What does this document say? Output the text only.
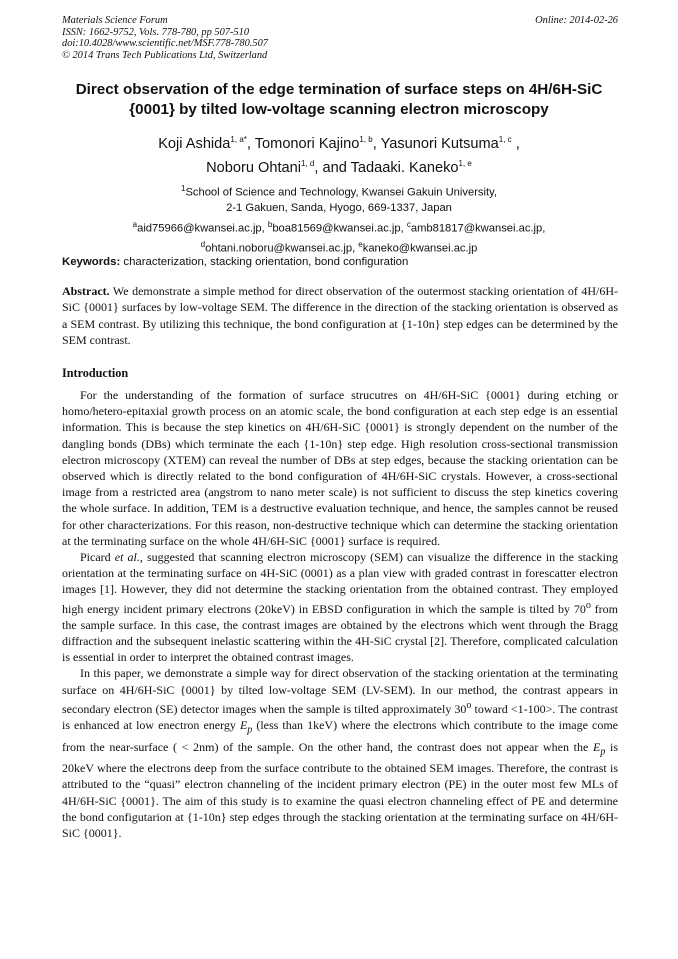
Materials Science Forum
ISSN: 1662-9752, Vols. 778-780, pp 507-510
doi:10.4028/www.scientific.net/MSF.778-780.507
© 2014 Trans Tech Publications Ltd, Switzerland
Online: 2014-02-26
Direct observation of the edge termination of surface steps on 4H/6H-SiC
{0001} by tilted low-voltage scanning electron microscopy
Koji Ashida$^{1, a*}$, Tomonori Kajino$^{1, b}$, Yasunori Kutsuma$^{1, c}$ ,
Noboru Ohtani$^{1, d}$, and Tadaaki. Kaneko$^{1, e}$
$^1$School of Science and Technology, Kwansei Gakuin University,
2-1 Gakuen, Sanda, Hyogo, 669-1337, Japan
$^a$aid75966@kwansei.ac.jp, $^b$boa81569@kwansei.ac.jp, $^c$amb81817@kwansei.ac.jp,
$^d$ohtani.noboru@kwansei.ac.jp, $^e$kaneko@kwansei.ac.jp
Keywords: characterization, stacking orientation, bond configuration
Abstract. We demonstrate a simple method for direct observation of the outermost stacking orientation of 4H/6H-SiC {0001} surfaces by low-voltage SEM. The difference in the direction of the stacking orientation is observed as a SEM contrast. By utilizing this technique, the bond configuration at {1-10n} step edges can be determined by the SEM contrast.
Introduction

For the understanding of the formation of surface strucutres on 4H/6H-SiC {0001} during etching or homo/hetero-epitaxial growth process on an atomic scale, the bond configuration at each step edge is an essential information. This is because the step kinetics on 4H/6H-SiC {0001} is strongly dependent on the number of the dangling bonds (DBs) which terminate the each {1-10n} step edge. High resolution cross-sectional transmission electron microscopy (XTEM) can reveal the number of DBs at step edges, because the stacking orientation can be observed which is directly related to the bond configuration of 4H/6H-SiC crystals. However, a cross-sectional image from a restricted area (angstrom to nano meter scale) is not sufficient to discuss the step kinetics covering the whole surface. In addition, TEM is a destructive evaluation technique, and hence, the samples cannot be reused for other characterizations. For this reason, non-destructive technique which can determine the stacking orientation at the terminating surface on the whole 4H/6H-SiC {0001} surface is required.

Picard et al., suggested that scanning electron microscopy (SEM) can visualize the difference in the stacking orientation at the terminating surface on 4H-SiC (0001) as a plan view with graded contrast in forescatter electron images [1]. However, they did not determine the stacking orientation from the obtained contrast. They employed high energy incident primary electrons (20keV) in EBSD configuration in which the sample is tilted by 70$^o$ from the sample surface. In this case, the contrast images are obtained by the electrons which went through the Bragg diffraction and the subsequent inelastic scattering within the 4H-SiC crystal [2]. Therefore, complicated calculation is essential in order to interpret the obtained contrast images.

In this paper, we demonstrate a simple way for direct observation of the stacking orientation at the terminating surface on 4H/6H-SiC {0001} by tilted low-voltage SEM (LV-SEM). In our method, the contrast appears in secondary electron (SE) detector images when the sample is tilted approximately 30$^o$ toward <1-100>. The contrast is enhanced at low enectron energy $E_p$ (less than 1keV) where the electrons which contribute to the image come from the near-surface ( < 2nm) of the sample. On the other hand, the contrast does not appear when the $E_p$ is 20keV where the electrons deep from the surface contribute to the obtained SEM images. Therefore, the contrast is attributed to the “quasi” electron channeling of the incident primary electron (PE) in the outer most few MLs of 4H/6H-SiC {0001}. The aim of this study is to examine the quasi electron channeling effect of PE and determine the bond configutarion at {1-10n} step edges through the stacking orientation at the terminating surface on 4H/6H-SiC {0001}.
